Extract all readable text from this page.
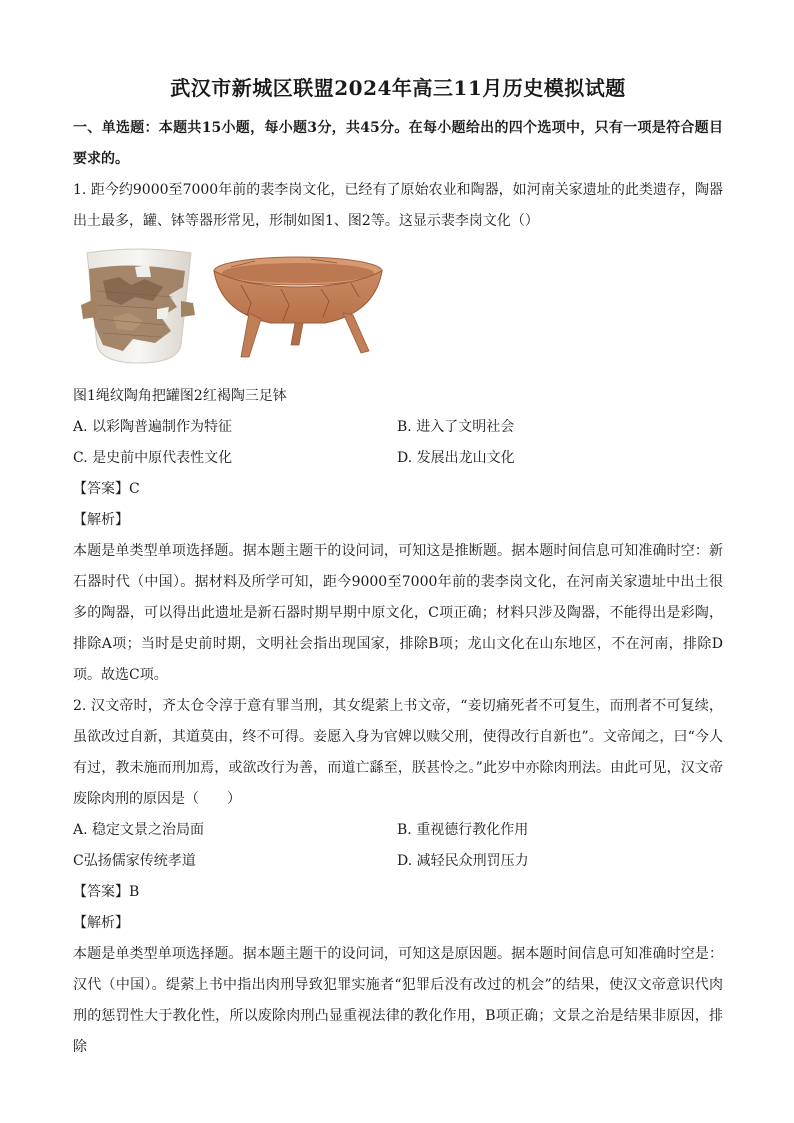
武汉市新城区联盟2024年高三11月历史模拟试题

一、单选题：本题共15小题，每小题3分，共45分。在每小题给出的四个选项中，只有一项是符合题目要求的。

1. 距今约9000至7000年前的裴李岗文化，已经有了原始农业和陶器，如河南关家遗址的此类遗存，陶器出土最多，罐、钵等器形常见，形制如图1、图2等。这显示裴李岗文化（）

图1绳纹陶角把罐图2红褐陶三足钵

A. 以彩陶普遍制作为特征	B. 进入了文明社会
C. 是史前中原代表性文化	D. 发展出龙山文化

【答案】C

【解析】

本题是单类型单项选择题。据本题主题干的设问词，可知这是推断题。据本题时间信息可知准确时空：新石器时代（中国）。据材料及所学可知，距今9000至7000年前的裴李岗文化，在河南关家遗址中出土很多的陶器，可以得出此遗址是新石器时期早期中原文化，C项正确；材料只涉及陶器，不能得出是彩陶，排除A项；当时是史前时期，文明社会指出现国家，排除B项；龙山文化在山东地区，不在河南，排除D项。故选C项。

2. 汉文帝时，齐太仓令淳于意有罪当刑，其女缇萦上书文帝，“妾切痛死者不可复生，而刑者不可复续，虽欲改过自新，其道莫由，终不可得。妾愿入身为官婢以赎父刑，使得改行自新也”。文帝闻之，曰“今人有过，教未施而刑加焉，或欲改行为善，而道亡繇至，朕甚怜之。”此岁中亦除肉刑法。由此可见，汉文帝废除肉刑的原因是（　　）

A. 稳定文景之治局面	B. 重视德行教化作用
C弘扬儒家传统孝道	D. 减轻民众刑罚压力

【答案】B

【解析】

本题是单类型单项选择题。据本题主题干的设问词，可知这是原因题。据本题时间信息可知准确时空是：汉代（中国）。缇萦上书中指出肉刑导致犯罪实施者“犯罪后没有改过的机会”的结果，使汉文帝意识代肉刑的惩罚性大于教化性，所以废除肉刑凸显重视法律的教化作用，B项正确；文景之治是结果非原因，排除
